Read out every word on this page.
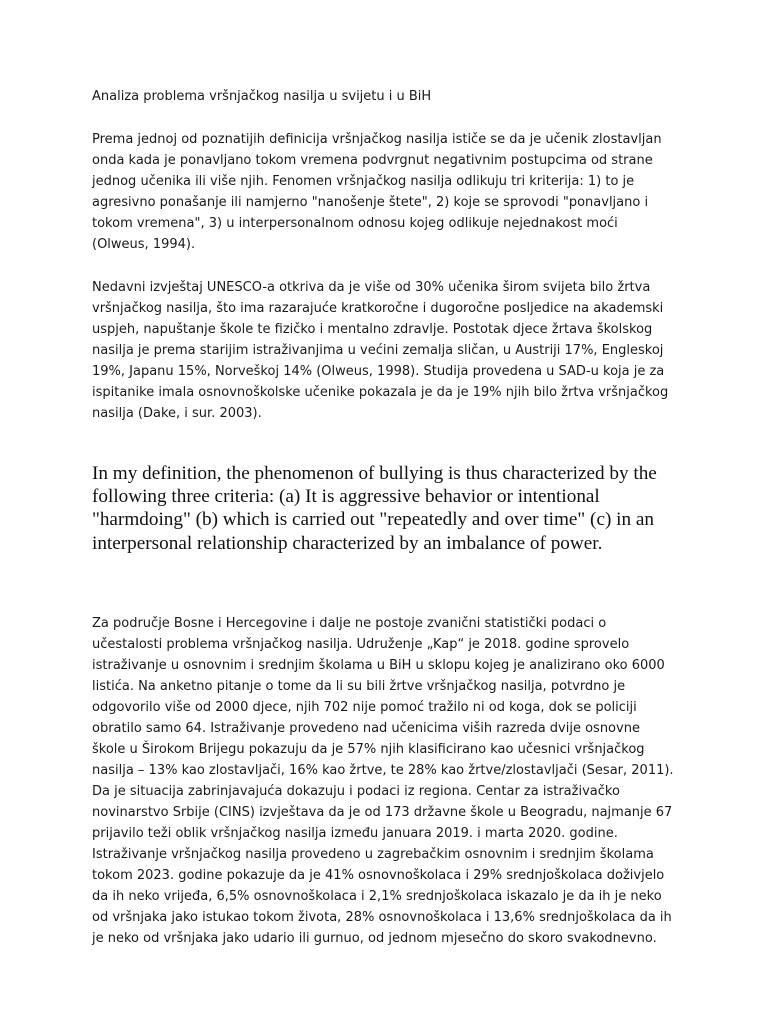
Analiza problema vršnjačkog nasilja u svijetu i u BiH

Prema jednoj od poznatijih definicija vršnjačkog nasilja ističe se da je učenik zlostavljan onda kada je ponavljano tokom vremena podvrgnut negativnim postupcima od strane jednog učenika ili više njih. Fenomen vršnjačkog nasilja odlikuju tri kriterija: 1) to je agresivno ponašanje ili namjerno "nanošenje štete", 2) koje se sprovodi "ponavljano i tokom vremena", 3) u interpersonalnom odnosu kojeg odlikuje nejednakost moći (Olweus, 1994).

Nedavni izvještaj UNESCO-a otkriva da je više od 30% učenika širom svijeta bilo žrtva vršnjačkog nasilja, što ima razarajuće kratkoročne i dugoročne posljedice na akademski uspjeh, napuštanje škole te fizičko i mentalno zdravlje. Postotak djece žrtava školskog nasilja je prema starijim istraživanjima u većini zemalja sličan, u Austriji 17%, Engleskoj 19%, Japanu 15%, Norveškoj 14% (Olweus, 1998). Studija provedena u SAD-u koja je za ispitanike imala osnovnoškolske učenike pokazala je da je 19% njih bilo žrtva vršnjačkog nasilja (Dake, i sur. 2003).

In my definition, the phenomenon of bullying is thus characterized by the following three criteria: (a) It is aggressive behavior or intentional "harmdoing" (b) which is carried out "repeatedly and over time" (c) in an interpersonal relationship characterized by an imbalance of power.

Za područje Bosne i Hercegovine i dalje ne postoje zvanični statistički podaci o učestalosti problema vršnjačkog nasilja. Udruženje „Kap“ je 2018. godine sprovelo istraživanje u osnovnim i srednjim školama u BiH u sklopu kojeg je analizirano oko 6000 listića. Na anketno pitanje o tome da li su bili žrtve vršnjačkog nasilja, potvrdno je odgovorilo više od 2000 djece, njih 702 nije pomoć tražilo ni od koga, dok se policiji obratilo samo 64. Istraživanje provedeno nad učenicima viših razreda dvije osnovne škole u Širokom Brijegu pokazuju da je 57% njih klasificirano kao učesnici vršnjačkog nasilja – 13% kao zlostavljači, 16% kao žrtve, te 28% kao žrtve/zlostavljači (Sesar, 2011). Da je situacija zabrinjavajuća dokazuju i podaci iz regiona. Centar za istraživačko novinarstvo Srbije (CINS) izvještava da je od 173 državne škole u Beogradu, najmanje 67 prijavilo teži oblik vršnjačkog nasilja između januara 2019. i marta 2020. godine. Istraživanje vršnjačkog nasilja provedeno u zagrebačkim osnovnim i srednjim školama tokom 2023. godine pokazuje da je 41% osnovnoškolaca i 29% srednjoškolaca doživjelo da ih neko vrijeđa, 6,5% osnovnoškolaca i 2,1% srednjoškolaca iskazalo je da ih je neko od vršnjaka jako istukao tokom života, 28% osnovnoškolaca i 13,6% srednjoškolaca da ih je neko od vršnjaka jako udario ili gurnuo, od jednom mjesečno do skoro svakodnevno.
